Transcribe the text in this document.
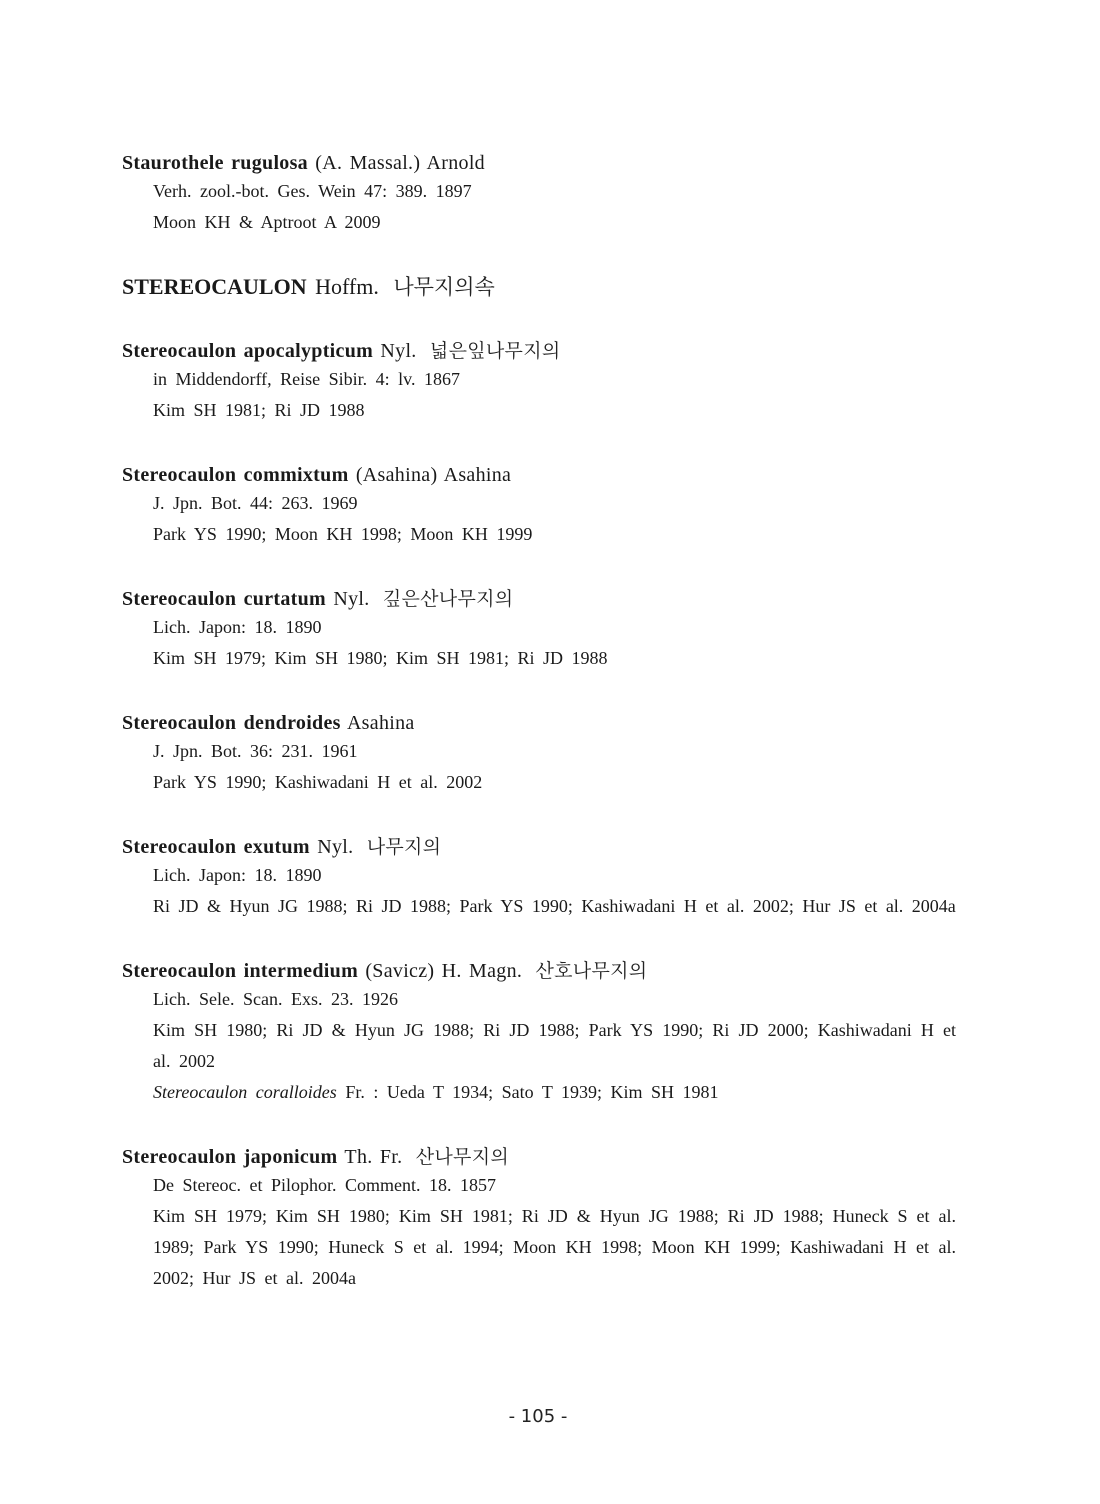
Staurothele rugulosa (A. Massal.) Arnold
Verh. zool.-bot. Ges. Wein 47: 389. 1897
Moon KH & Aptroot A 2009
STEREOCAULON Hoffm. 나무지의속
Stereocaulon apocalypticum Nyl. 넓은잎나무지의
in Middendorff, Reise Sibir. 4: lv. 1867
Kim SH 1981; Ri JD 1988
Stereocaulon commixtum (Asahina) Asahina
J. Jpn. Bot. 44: 263. 1969
Park YS 1990; Moon KH 1998; Moon KH 1999
Stereocaulon curtatum Nyl. 깊은산나무지의
Lich. Japon: 18. 1890
Kim SH 1979; Kim SH 1980; Kim SH 1981; Ri JD 1988
Stereocaulon dendroides Asahina
J. Jpn. Bot. 36: 231. 1961
Park YS 1990; Kashiwadani H et al. 2002
Stereocaulon exutum Nyl. 나무지의
Lich. Japon: 18. 1890
Ri JD & Hyun JG 1988; Ri JD 1988; Park YS 1990; Kashiwadani H et al. 2002; Hur JS et al. 2004a
Stereocaulon intermedium (Savicz) H. Magn. 산호나무지의
Lich. Sele. Scan. Exs. 23. 1926
Kim SH 1980; Ri JD & Hyun JG 1988; Ri JD 1988; Park YS 1990; Ri JD 2000; Kashiwadani H et al. 2002
Stereocaulon coralloides Fr. : Ueda T 1934; Sato T 1939; Kim SH 1981
Stereocaulon japonicum Th. Fr. 산나무지의
De Stereoc. et Pilophor. Comment. 18. 1857
Kim SH 1979; Kim SH 1980; Kim SH 1981; Ri JD & Hyun JG 1988; Ri JD 1988; Huneck S et al. 1989; Park YS 1990; Huneck S et al. 1994; Moon KH 1998; Moon KH 1999; Kashiwadani H et al. 2002; Hur JS et al. 2004a
- 105 -
